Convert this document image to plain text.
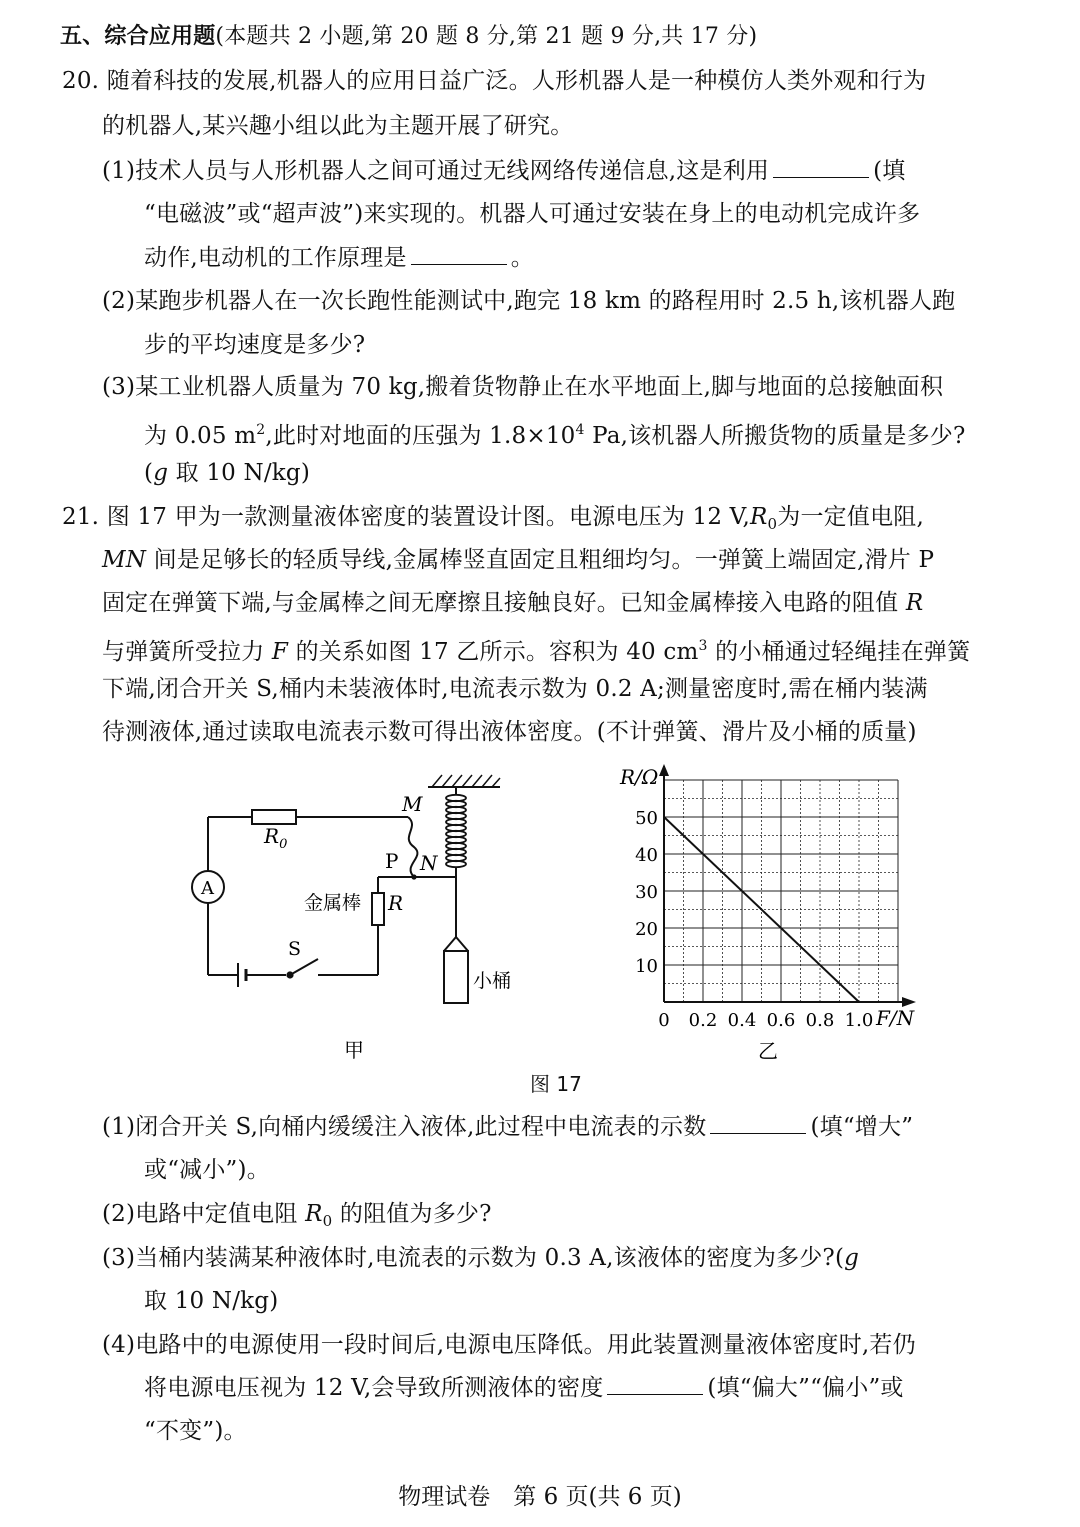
五、综合应用题(本题共 2 小题,第 20 题 8 分,第 21 题 9 分,共 17 分)
20. 随着科技的发展,机器人的应用日益广泛。人形机器人是一种模仿人类外观和行为
的机器人,某兴趣小组以此为主题开展了研究。
(1)技术人员与人形机器人之间可通过无线网络传递信息,这是利用	(填
“电磁波”或“超声波”)来实现的。机器人可通过安装在身上的电动机完成许多
动作,电动机的工作原理是	。
(2)某跑步机器人在一次长跑性能测试中,跑完 18 km 的路程用时 2.5 h,该机器人跑
步的平均速度是多少?
(3)某工业机器人质量为 70 kg,搬着货物静止在水平地面上,脚与地面的总接触面积
为 0.05 $m^2$,此时对地面的压强为 $1.8\times 10^4$ Pa,该机器人所搬货物的质量是多少?
(g 取 10 N/kg)
21. 图 17 甲为一款测量液体密度的装置设计图。电源电压为 12 $V,R_0$为一定值电阻,
MN 间是足够长的轻质导线,金属棒竖直固定且粗细均匀。一弹簧上端固定,滑片 P
固定在弹簧下端,与金属棒之间无摩擦且接触良好。已知金属棒接入电路的阻值 R
与弹簧所受拉力 F 的关系如图 17 乙所示。容积为 40 $cm^3$ 的小桶通过轻绳挂在弹簧
下端,闭合开关 S,桶内未装液体时,电流表示数为 0.2 A;测量密度时,需在桶内装满
待测液体,通过读取电流表示数可得出液体密度。(不计弹簧、滑片及小桶的质量)
$R_0$
M
N
P
A
金属棒 R
S
小桶
甲
0 0.2 0.4 0.6 0.8 1.0
10
20
30
40
50
R/Ω
F/N
乙
图 17
(1)闭合开关 S,向桶内缓缓注入液体,此过程中电流表的示数	(填“增大”
或“减小”)。
(2)电路中定值电阻 $R_0$ 的阻值为多少?
(3)当桶内装满某种液体时,电流表的示数为 0.3 A,该液体的密度为多少?(g
取 10 N/kg)
(4)电路中的电源使用一段时间后,电源电压降低。用此装置测量液体密度时,若仍
将电源电压视为 12 V,会导致所测液体的密度	(填“偏大”“偏小”或
“不变”)。
物理试卷　第 6 页(共 6 页)
